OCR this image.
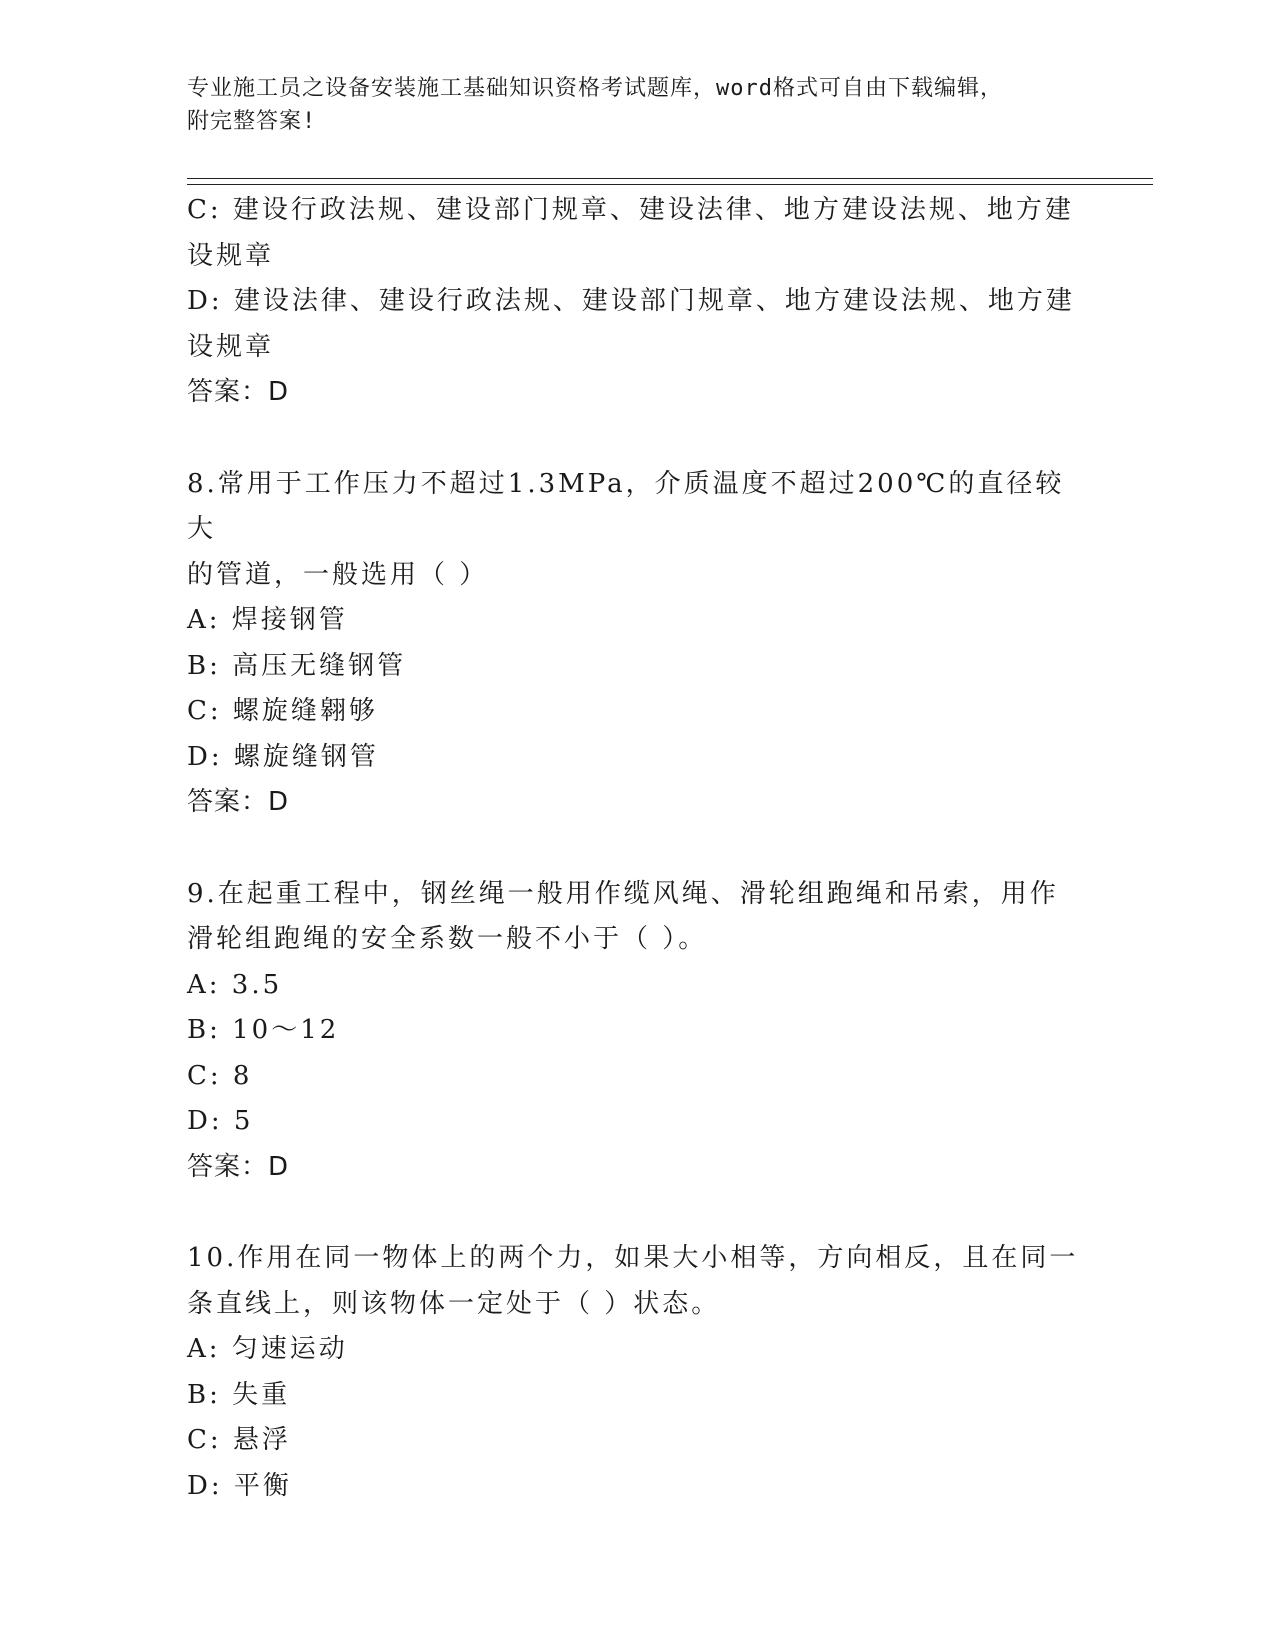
专业施工员之设备安装施工基础知识资格考试题库，word格式可自由下载编辑，
附完整答案!

C: 建设行政法规、建设部门规章、建设法律、地方建设法规、地方建

设规章

D: 建设法律、建设行政法规、建设部门规章、地方建设法规、地方建

设规章

答案：D

8.常用于工作压力不超过1.3MPa，介质温度不超过200℃的直径较大

的管道，一般选用（ ）

A: 焊接钢管

B: 高压无缝钢管

C: 螺旋缝翱够

D: 螺旋缝钢管

答案：D

9.在起重工程中，钢丝绳一般用作缆风绳、滑轮组跑绳和吊索，用作

滑轮组跑绳的安全系数一般不小于（ ）。

A: 3.5

B: 10～12

C: 8

D: 5

答案：D

10.作用在同一物体上的两个力，如果大小相等，方向相反，且在同一

条直线上，则该物体一定处于（ ）状态。

A: 匀速运动

B: 失重

C: 悬浮

D: 平衡
